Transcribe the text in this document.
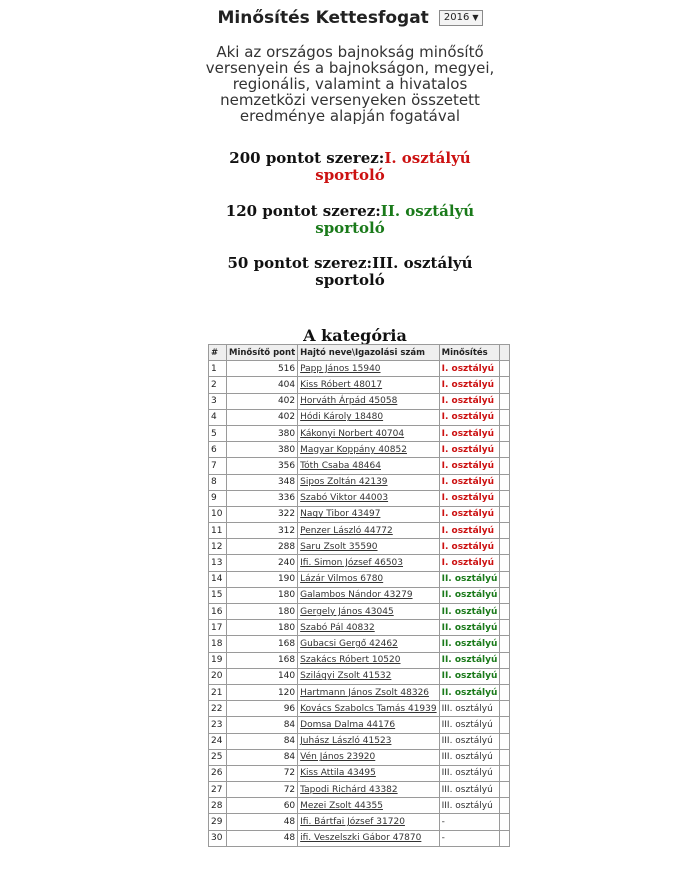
Minősítés Kettesfogat 2016 ▼
Aki az országos bajnokság minősítő versenyein és a bajnokságon, megyei, regionális, valamint a hivatalos nemzetközi versenyeken összetett eredménye alapján fogatával
200 pontot szerez:I. osztályú sportoló
120 pontot szerez:II. osztályú sportoló
50 pontot szerez:III. osztályú sportoló
A kategória
#	Minősítő pont	Hajtó neve\Igazolási szám	Minősítés	
1	516	Papp János 15940	I. osztályú	
2	404	Kiss Róbert 48017	I. osztályú	
3	402	Horváth Árpád 45058	I. osztályú	
4	402	Hódi Károly 18480	I. osztályú	
5	380	Kákonyi Norbert 40704	I. osztályú	
6	380	Magyar Koppány 40852	I. osztályú	
7	356	Tóth Csaba 48464	I. osztályú	
8	348	Sipos Zoltán 42139	I. osztályú	
9	336	Szabó Viktor 44003	I. osztályú	
10	322	Nagy Tibor 43497	I. osztályú	
11	312	Penzer László 44772	I. osztályú	
12	288	Saru Zsolt 35590	I. osztályú	
13	240	Ifi. Simon József 46503	I. osztályú	
14	190	Lázár Vilmos 6780	II. osztályú	
15	180	Galambos Nándor 43279	II. osztályú	
16	180	Gergely János 43045	II. osztályú	
17	180	Szabó Pál 40832	II. osztályú	
18	168	Gubacsi Gergő 42462	II. osztályú	
19	168	Szakács Róbert 10520	II. osztályú	
20	140	Szilágyi Zsolt 41532	II. osztályú	
21	120	Hartmann János Zsolt 48326	II. osztályú	
22	96	Kovács Szabolcs Tamás 41939	III. osztályú	
23	84	Domsa Dalma 44176	III. osztályú	
24	84	Juhász László 41523	III. osztályú	
25	84	Vén János 23920	III. osztályú	
26	72	Kiss Attila 43495	III. osztályú	
27	72	Tapodi Richárd 43382	III. osztályú	
28	60	Mezei Zsolt 44355	III. osztályú	
29	48	Ifi. Bártfai József 31720	-	
30	48	ifi. Veszelszki Gábor 47870	-	
